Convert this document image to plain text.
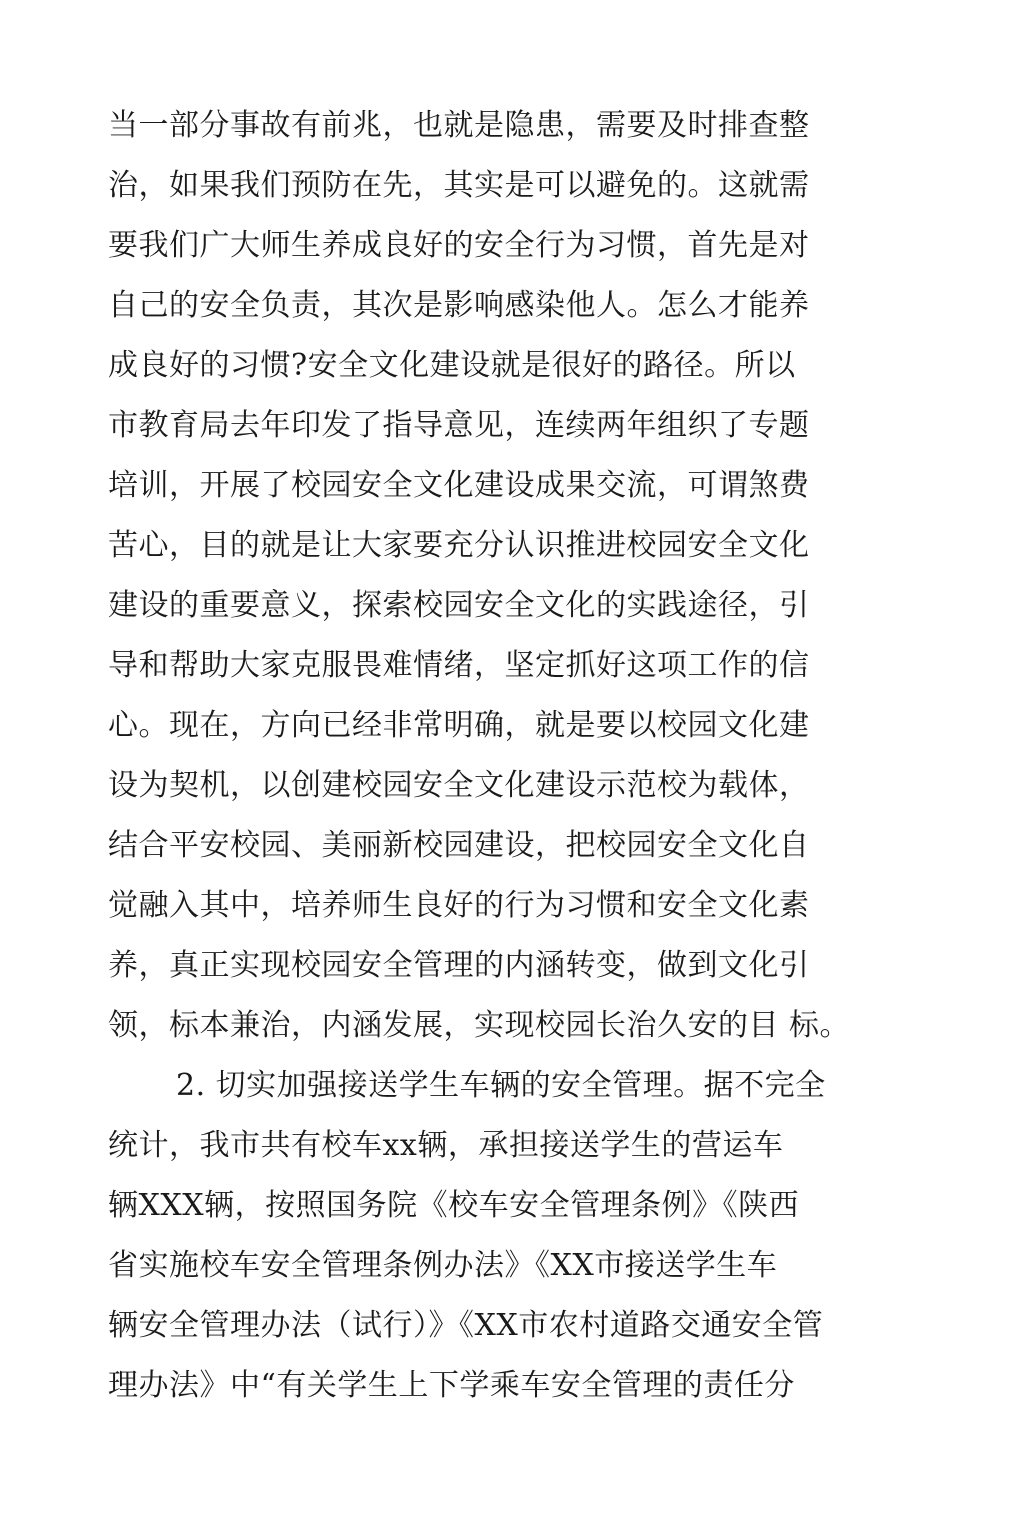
当一部分事故有前兆，也就是隐患，需要及时排查整
治，如果我们预防在先，其实是可以避免的。这就需
要我们广大师生养成良好的安全行为习惯，首先是对
自己的安全负责，其次是影响感染他人。怎么才能养
成良好的习惯?安全文化建设就是很好的路径。所以
市教育局去年印发了指导意见，连续两年组织了专题
培训，开展了校园安全文化建设成果交流，可谓煞费
苦心，目的就是让大家要充分认识推进校园安全文化
建设的重要意义，探索校园安全文化的实践途径，引
导和帮助大家克服畏难情绪，坚定抓好这项工作的信
心。现在，方向已经非常明确，就是要以校园文化建
设为契机，以创建校园安全文化建设示范校为载体，
结合平安校园、美丽新校园建设，把校园安全文化自
觉融入其中，培养师生良好的行为习惯和安全文化素
养，真正实现校园安全管理的内涵转变，做到文化引
领，标本兼治，内涵发展，实现校园长治久安的目 标。
2. 切实加强接送学生车辆的安全管理。据不完全
统计，我市共有校车xx辆，承担接送学生的营运车
辆XXX辆，按照国务院《校车安全管理条例》《陕西
省实施校车安全管理条例办法》《XX市接送学生车
辆安全管理办法（试行）》《XX市农村道路交通安全管
理办法》中“有关学生上下学乘车安全管理的责任分
